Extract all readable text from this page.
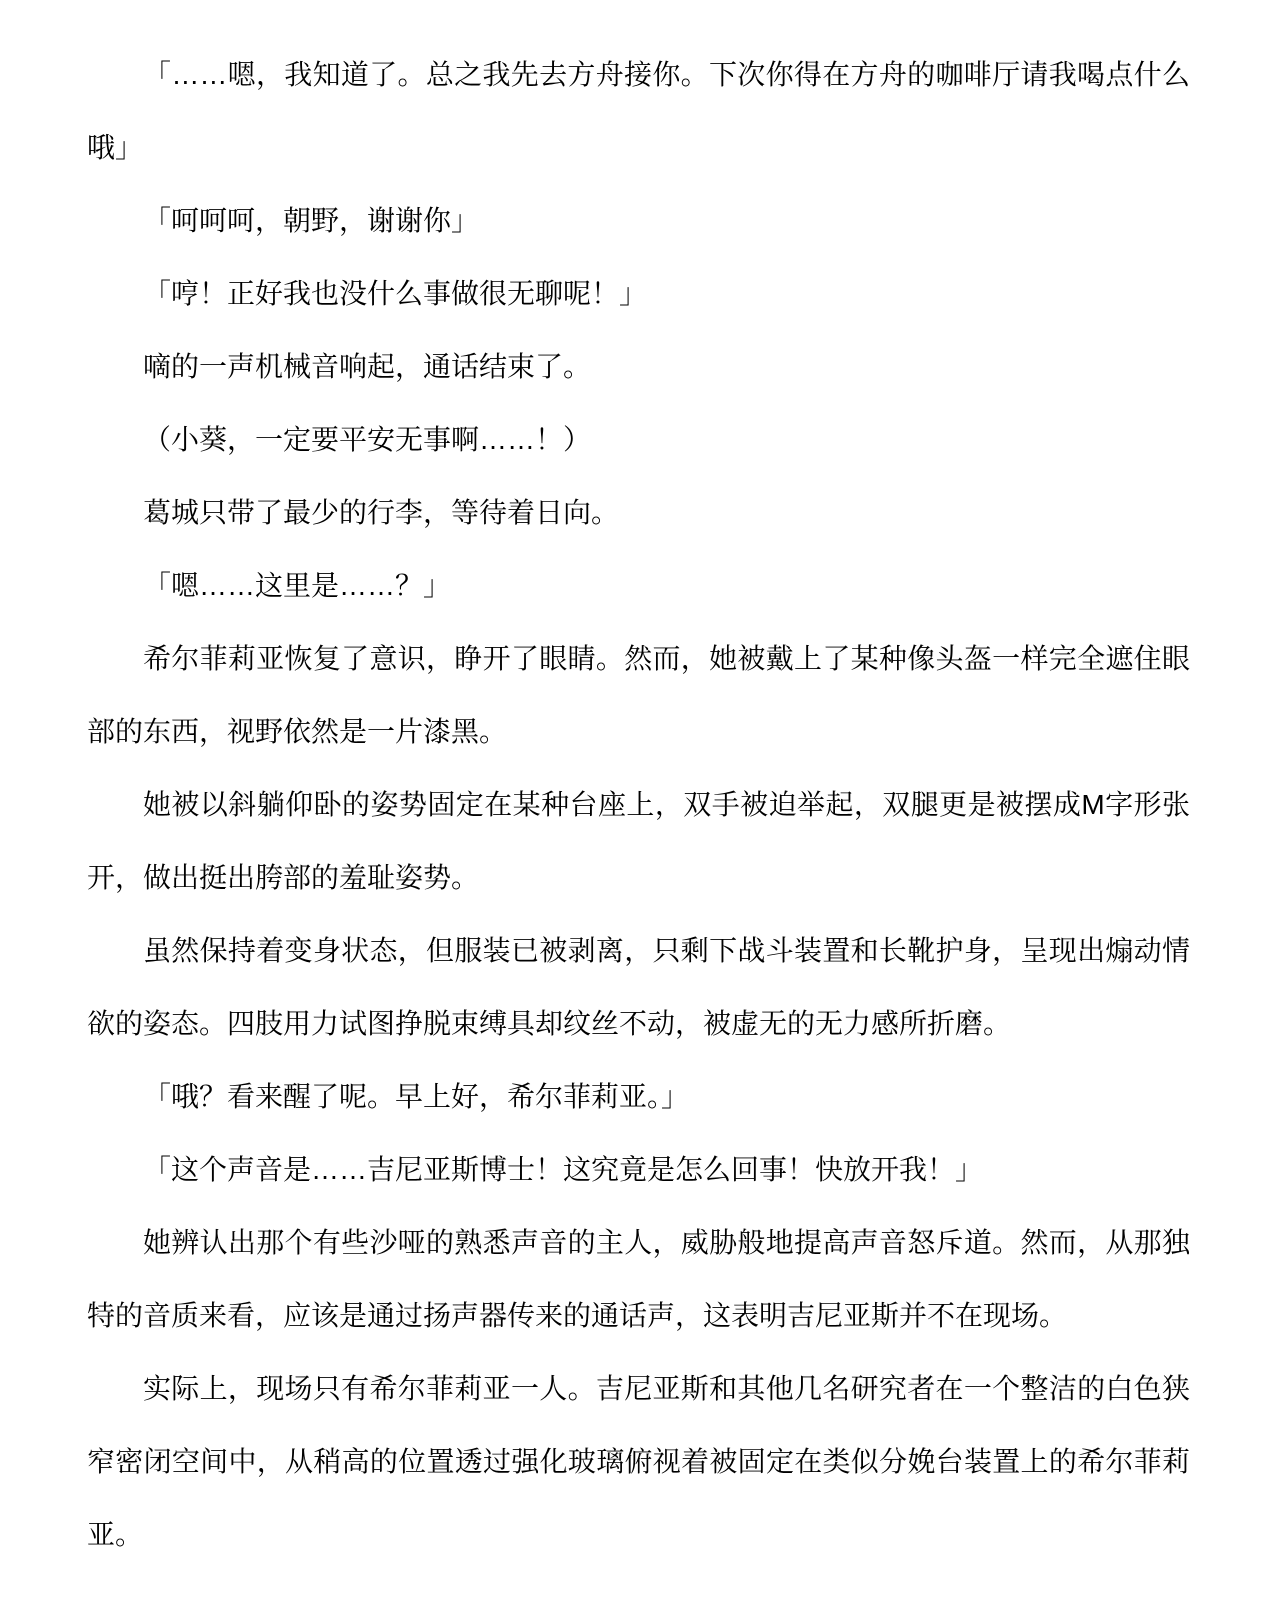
「……嗯，我知道了。总之我先去方舟接你。下次你得在方舟的咖啡厅请我喝点什么哦」

「呵呵呵，朝野，谢谢你」

「哼！正好我也没什么事做很无聊呢！」

嘀的一声机械音响起，通话结束了。

（小葵，一定要平安无事啊……！）

葛城只带了最少的行李，等待着日向。

「嗯……这里是……？」

希尔菲莉亚恢复了意识，睁开了眼睛。然而，她被戴上了某种像头盔一样完全遮住眼部的东西，视野依然是一片漆黑。

她被以斜躺仰卧的姿势固定在某种台座上，双手被迫举起，双腿更是被摆成M字形张开，做出挺出胯部的羞耻姿势。

虽然保持着变身状态，但服装已被剥离，只剩下战斗装置和长靴护身，呈现出煽动情欲的姿态。四肢用力试图挣脱束缚具却纹丝不动，被虚无的无力感所折磨。

「哦？看来醒了呢。早上好，希尔菲莉亚。」

「这个声音是……吉尼亚斯博士！这究竟是怎么回事！快放开我！」

她辨认出那个有些沙哑的熟悉声音的主人，威胁般地提高声音怒斥道。然而，从那独特的音质来看，应该是通过扬声器传来的通话声，这表明吉尼亚斯并不在现场。

实际上，现场只有希尔菲莉亚一人。吉尼亚斯和其他几名研究者在一个整洁的白色狭窄密闭空间中，从稍高的位置透过强化玻璃俯视着被固定在类似分娩台装置上的希尔菲莉亚。
